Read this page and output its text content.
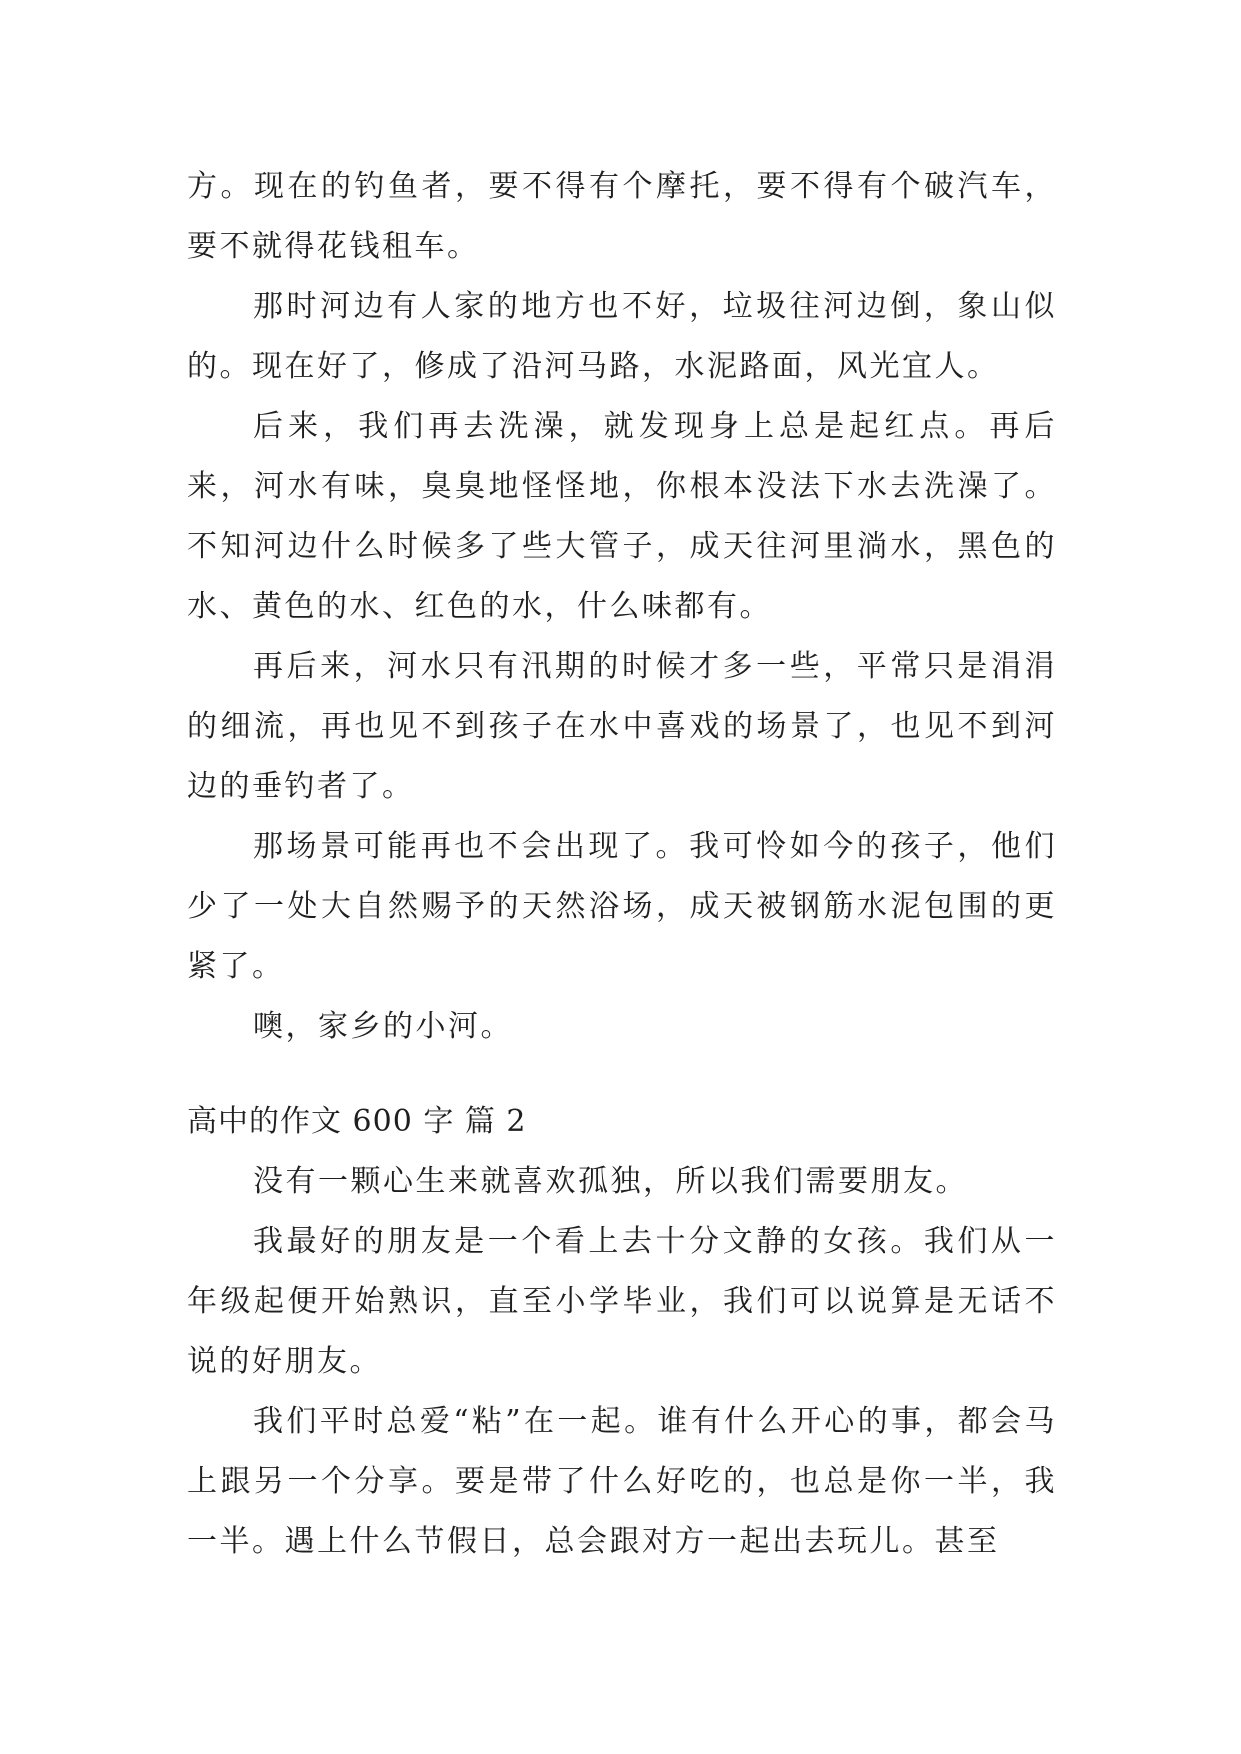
方。现在的钓鱼者，要不得有个摩托，要不得有个破汽车，要不就得花钱租车。

那时河边有人家的地方也不好，垃圾往河边倒，象山似的。现在好了，修成了沿河马路，水泥路面，风光宜人。

后来，我们再去洗澡，就发现身上总是起红点。再后来，河水有味，臭臭地怪怪地，你根本没法下水去洗澡了。不知河边什么时候多了些大管子，成天往河里淌水，黑色的水、黄色的水、红色的水，什么味都有。

再后来，河水只有汛期的时候才多一些，平常只是涓涓的细流，再也见不到孩子在水中喜戏的场景了，也见不到河边的垂钓者了。

那场景可能再也不会出现了。我可怜如今的孩子，他们少了一处大自然赐予的天然浴场，成天被钢筋水泥包围的更紧了。

噢，家乡的小河。

高中的作文 600 字 篇 2

没有一颗心生来就喜欢孤独，所以我们需要朋友。

我最好的朋友是一个看上去十分文静的女孩。我们从一年级起便开始熟识，直至小学毕业，我们可以说算是无话不说的好朋友。

我们平时总爱“粘”在一起。谁有什么开心的事，都会马上跟另一个分享。要是带了什么好吃的，也总是你一半，我一半。遇上什么节假日，总会跟对方一起出去玩儿。甚至
